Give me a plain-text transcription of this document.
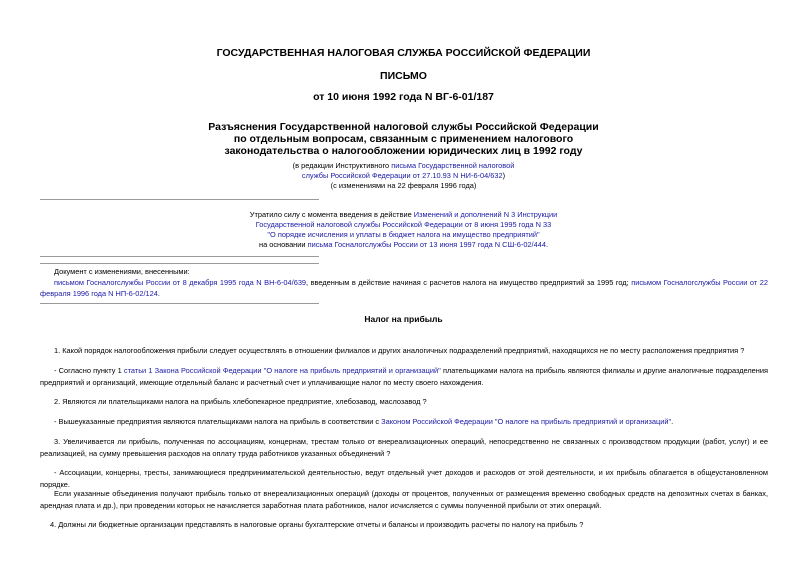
ГОСУДАРСТВЕННАЯ НАЛОГОВАЯ СЛУЖБА РОССИЙСКОЙ ФЕДЕРАЦИИ
ПИСЬМО
от 10 июня 1992 года N ВГ-6-01/187
Разъяснения Государственной налоговой службы Российской Федерации
по отдельным вопросам, связанным с применением налогового
законодательства о налогообложении юридических лиц в 1992 году
(в редакции Инструктивного письма Государственной налоговой
службы Российской Федерации от 27.10.93 N НИ-6-04/632)
(с изменениями на 22 февраля 1996 года)
Утратило силу с момента введения в действие Изменений и дополнений N 3 Инструкции
Государственной налоговой службы Российской Федерации от 8 июня 1995 года N 33
"О порядке исчисления и уплаты в бюджет налога на имущество предприятий"
на основании письма Госналогслужбы России от 13 июня 1997 года N СШ-6-02/444.
Документ с изменениями, внесенными:
письмом Госналогслужбы России от 8 декабря 1995 года N ВН-6-04/639, введенным в действие начиная с расчетов налога на имущество предприятий за 1995 год; письмом Госналогслужбы России от 22 февраля 1996 года N НП-6-02/124.
Налог на прибыль
1. Какой порядок налогообложения прибыли следует осуществлять в отношении филиалов и других аналогичных подразделений предприятий, находящихся не по месту расположения предприятия ?
- Согласно пункту 1 статьи 1 Закона Российской Федерации "О налоге на прибыль предприятий и организаций" плательщиками налога на прибыль являются филиалы и другие аналогичные подразделения предприятий и организаций, имеющие отдельный баланс и расчетный счет и уплачивающие налог по месту своего нахождения.
2. Являются ли плательщиками налога на прибыль хлебопекарное предприятие, хлебозавод, маслозавод ?
- Вышеуказанные предприятия являются плательщиками налога на прибыль в соответствии с Законом Российской Федерации "О налоге на прибыль предприятий и организаций".
3. Увеличивается ли прибыль, полученная по ассоциациям, концернам, трестам только от внереализационных операций, непосредственно не связанных с производством продукции (работ, услуг) и ее реализацией, на сумму превышения расходов на оплату труда работников указанных объединений ?
- Ассоциации, концерны, тресты, занимающиеся предпринимательской деятельностью, ведут отдельный учет доходов и расходов от этой деятельности, и их прибыль облагается в общеустановленном порядке.
Если указанные объединения получают прибыль только от внереализационных операций (доходы от процентов, полученных от размещения временно свободных средств на депозитных счетах в банках, арендная плата и др.), при проведении которых не начисляется заработная плата работников, налог исчисляется с суммы полученной прибыли от этих операций.
4. Должны ли бюджетные организации представлять в налоговые органы бухгалтерские отчеты и балансы и производить расчеты по налогу на прибыль ?
